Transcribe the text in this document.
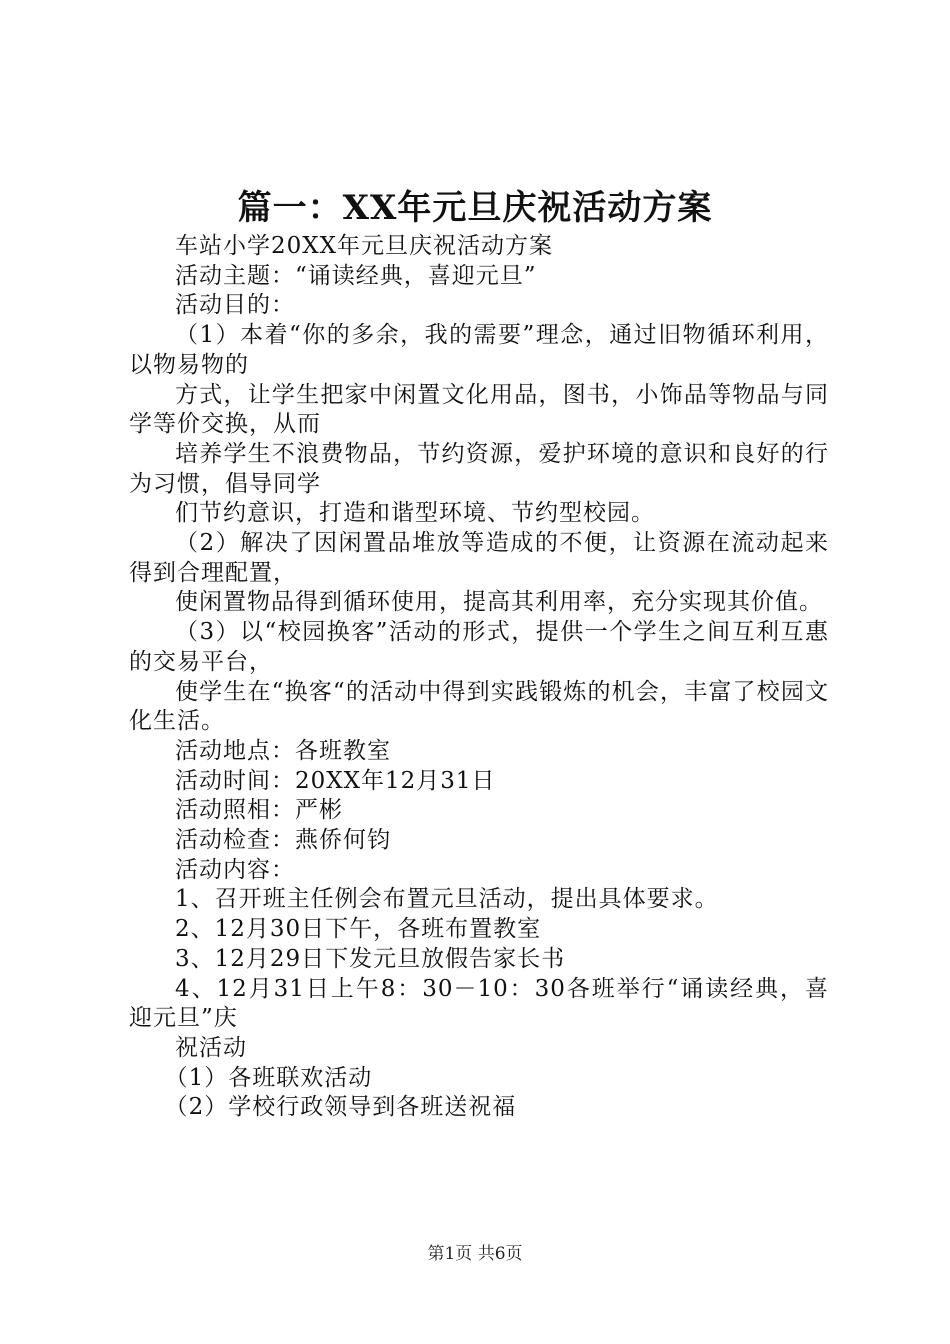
篇一：XX年元旦庆祝活动方案

车站小学20XX年元旦庆祝活动方案

活动主题：“诵读经典，喜迎元旦”

活动目的：

（1）本着“你的多余，我的需要”理念，通过旧物循环利用，以物易物的

方式，让学生把家中闲置文化用品，图书，小饰品等物品与同学等价交换，从而

培养学生不浪费物品，节约资源，爱护环境的意识和良好的行为习惯，倡导同学

们节约意识，打造和谐型环境、节约型校园。

（2）解决了因闲置品堆放等造成的不便，让资源在流动起来得到合理配置，

使闲置物品得到循环使用，提高其利用率，充分实现其价值。

（3）以“校园换客”活动的形式，提供一个学生之间互利互惠的交易平台，

使学生在“换客“的活动中得到实践锻炼的机会，丰富了校园文化生活。

活动地点：各班教室

活动时间：20XX年12月31日

活动照相：严彬

活动检查：燕侨何钧

活动内容：

1、召开班主任例会布置元旦活动，提出具体要求。

2、12月30日下午，各班布置教室

3、12月29日下发元旦放假告家长书

4、12月31日上午8：30－10：30各班举行“诵读经典，喜迎元旦”庆

祝活动

（1）各班联欢活动

（2）学校行政领导到各班送祝福

第1页 共6页
